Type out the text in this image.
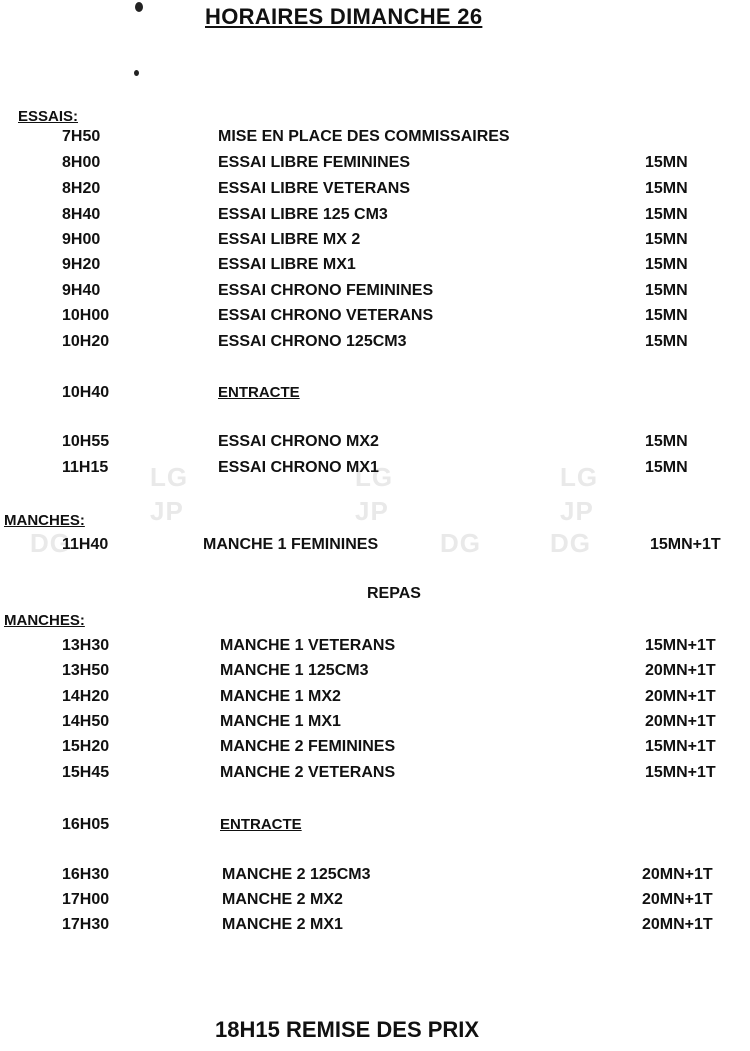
LG
JP
LG
JP
LG
JP
DG	DG	DG
HORAIRES DIMANCHE 26
ESSAIS:
7H50	MISE EN PLACE DES COMMISSAIRES
8H00	ESSAI LIBRE FEMININES	15MN
8H20	ESSAI LIBRE VETERANS	15MN
8H40	ESSAI LIBRE 125 CM3	15MN
9H00	ESSAI LIBRE MX 2	15MN
9H20	ESSAI LIBRE MX1	15MN
9H40	ESSAI CHRONO FEMININES	15MN
10H00	ESSAI CHRONO VETERANS	15MN
10H20	ESSAI CHRONO 125CM3	15MN
10H40	ENTRACTE
10H55	ESSAI CHRONO MX2	15MN
11H15	ESSAI CHRONO MX1	15MN
MANCHES:
11H40	MANCHE 1 FEMININES	15MN+1T
REPAS
MANCHES:
13H30	MANCHE 1 VETERANS	15MN+1T
13H50	MANCHE 1 125CM3	20MN+1T
14H20	MANCHE 1 MX2	20MN+1T
14H50	MANCHE 1 MX1	20MN+1T
15H20	MANCHE 2 FEMININES	15MN+1T
15H45	MANCHE 2 VETERANS	15MN+1T
16H05	ENTRACTE
16H30	MANCHE 2 125CM3	20MN+1T
17H00	MANCHE 2 MX2	20MN+1T
17H30	MANCHE 2 MX1	20MN+1T
18H15 REMISE DES PRIX
